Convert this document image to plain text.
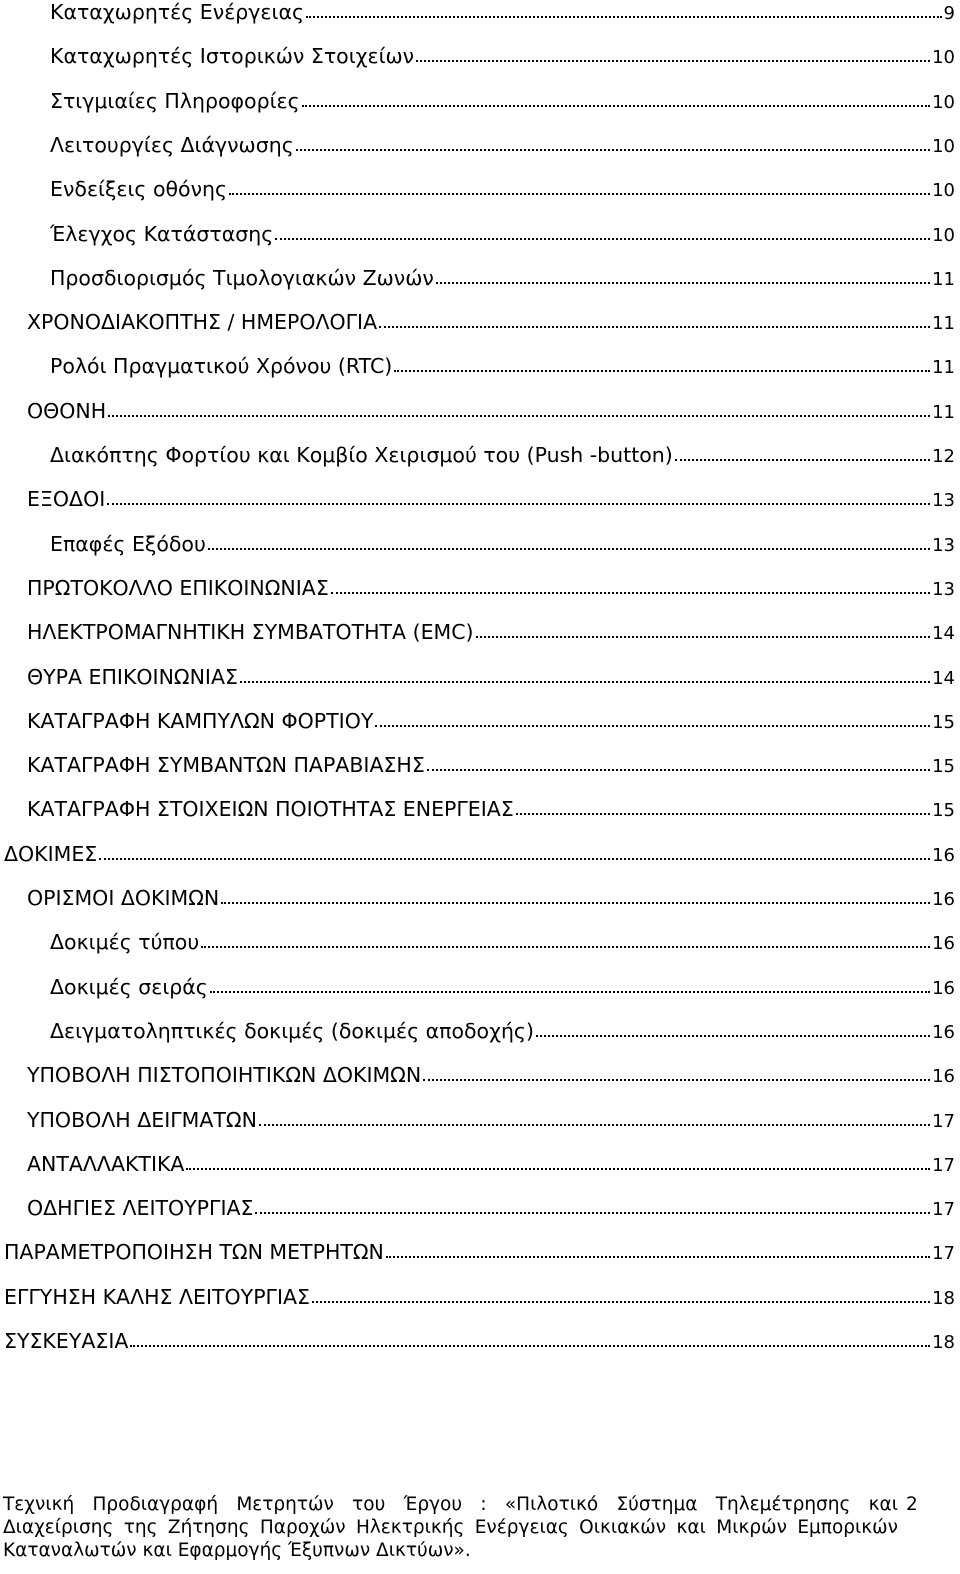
Καταχωρητές Ενέργειας	9
Καταχωρητές Ιστορικών Στοιχείων	10
Στιγμιαίες Πληροφορίες	10
Λειτουργίες Διάγνωσης	10
Ενδείξεις οθόνης	10
Έλεγχος Κατάστασης	10
Προσδιορισμός Τιμολογιακών Ζωνών	11
ΧΡΟΝΟΔΙΑΚΟΠΤΗΣ / ΗΜΕΡΟΛΟΓΙΑ	11
Ρολόι Πραγματικού Χρόνου (RTC)	11
ΟΘΟΝΗ	11
Διακόπτης Φορτίου και Κομβίο Χειρισμού του (Push -button)	12
ΕΞΟΔΟΙ	13
Επαφές Εξόδου	13
ΠΡΩΤΟΚΟΛΛΟ ΕΠΙΚΟΙΝΩΝΙΑΣ	13
ΗΛΕΚΤΡΟΜΑΓΝΗΤΙΚΗ ΣΥΜΒΑΤΟΤΗΤΑ (EMC)	14
ΘΥΡΑ ΕΠΙΚΟΙΝΩΝΙΑΣ	14
ΚΑΤΑΓΡΑΦΗ ΚΑΜΠΥΛΩΝ ΦΟΡΤΙΟΥ	15
ΚΑΤΑΓΡΑΦΗ ΣΥΜΒΑΝΤΩΝ ΠΑΡΑΒΙΑΣΗΣ	15
ΚΑΤΑΓΡΑΦΗ ΣΤΟΙΧΕΙΩΝ ΠΟΙΟΤΗΤΑΣ ΕΝΕΡΓΕΙΑΣ	15
ΔΟΚΙΜΕΣ	16
ΟΡΙΣΜΟΙ ΔΟΚΙΜΩΝ	16
Δοκιμές τύπου	16
Δοκιμές σειράς	16
Δειγματοληπτικές δοκιμές (δοκιμές αποδοχής)	16
ΥΠΟΒΟΛΗ ΠΙΣΤΟΠΟΙΗΤΙΚΩΝ ΔΟΚΙΜΩΝ	16
ΥΠΟΒΟΛΗ ΔΕΙΓΜΑΤΩΝ	17
ΑΝΤΑΛΛΑΚΤΙΚΑ	17
ΟΔΗΓΙΕΣ ΛΕΙΤΟΥΡΓΙΑΣ	17
ΠΑΡΑΜΕΤΡΟΠΟΙΗΣΗ ΤΩΝ ΜΕΤΡΗΤΩΝ	17
ΕΓΓΥΗΣΗ ΚΑΛΗΣ ΛΕΙΤΟΥΡΓΙΑΣ	18
ΣΥΣΚΕΥΑΣΙΑ	18
Τεχνική Προδιαγραφή Μετρητών του Έργου : «Πιλοτικό Σύστημα Τηλεμέτρησης και Διαχείρισης της Ζήτησης Παροχών Ηλεκτρικής Ενέργειας Οικιακών και Μικρών Εμπορικών Καταναλωτών και Εφαρμογής Έξυπνων Δικτύων».
2
